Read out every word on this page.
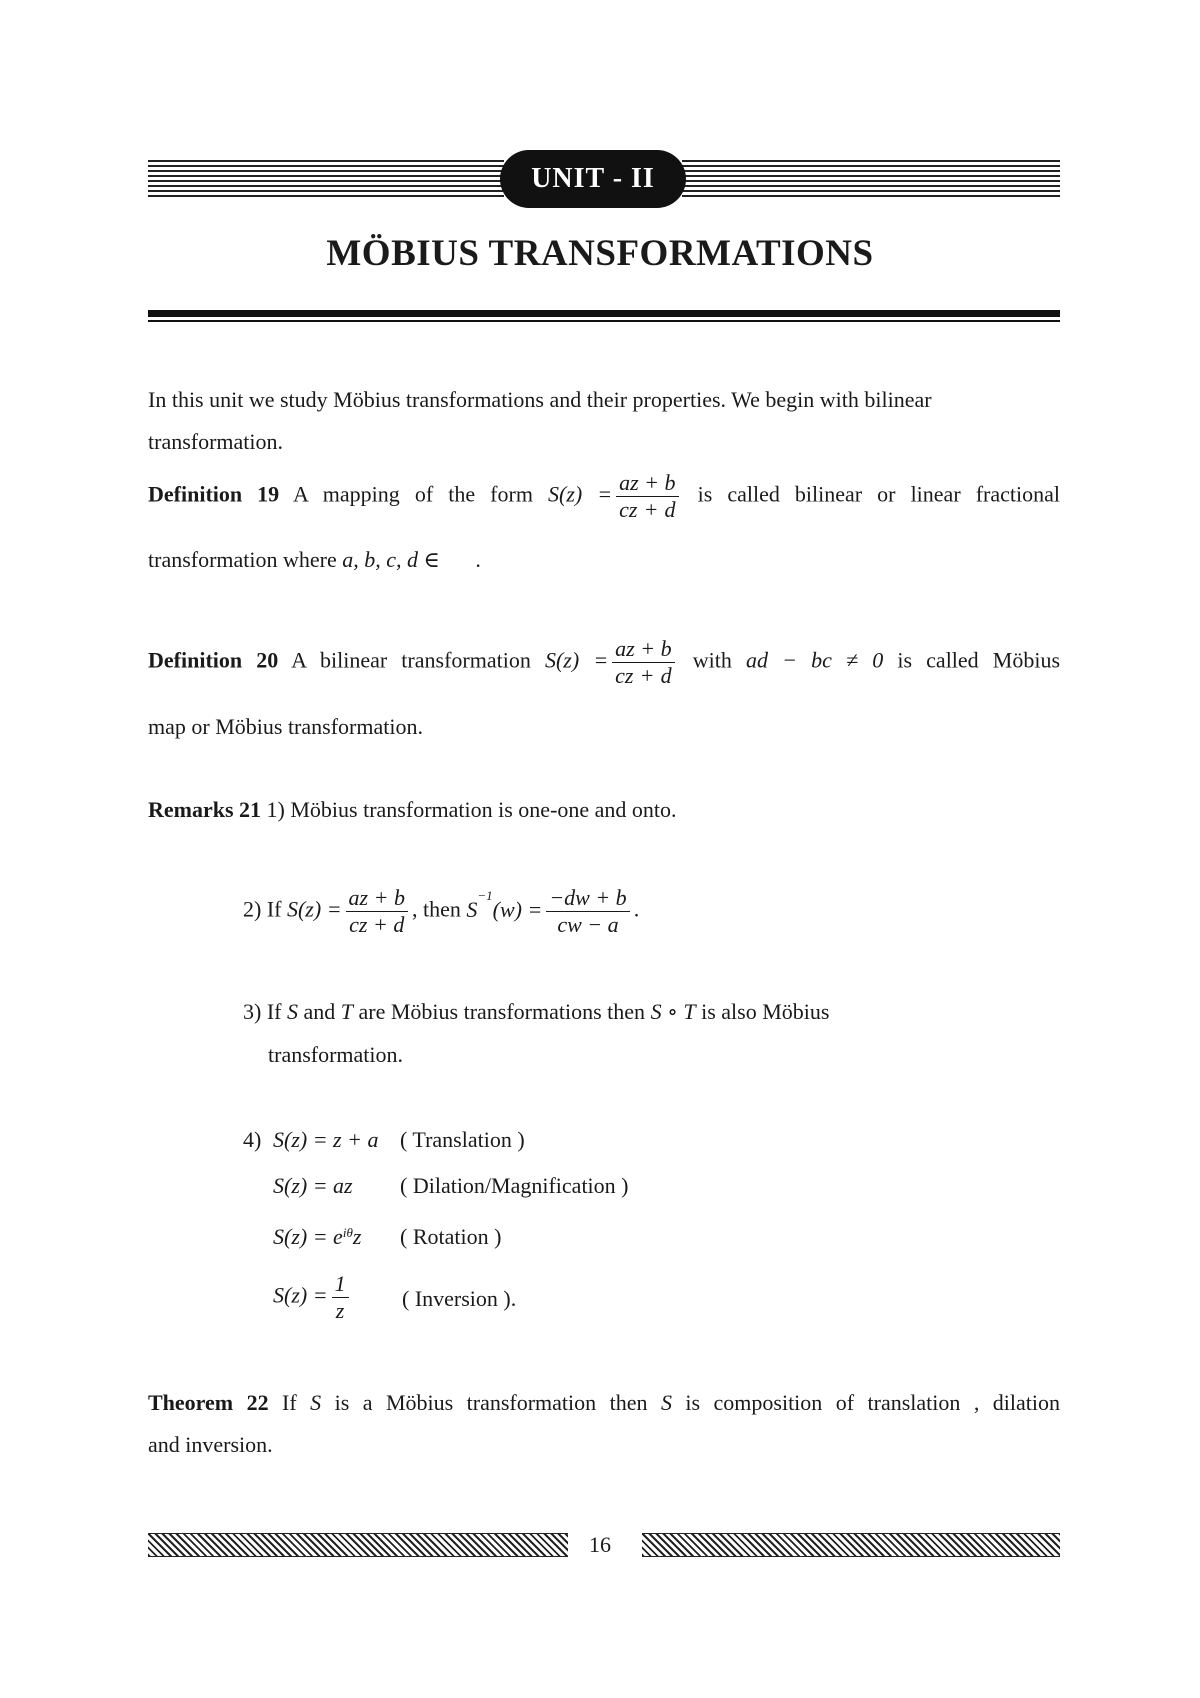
UNIT - II
MÖBIUS TRANSFORMATIONS
In this unit we study Möbius transformations and their properties. We begin with bilinear
transformation.
Definition 19 A mapping of the form $S(z) = \frac{az + b}{cz + d}$ is called bilinear or linear fractional
transformation where a, b, c, d ∈ .
Definition 20 A bilinear transformation $S(z) = \frac{az + b}{cz + d}$ with ad − bc ≠ 0 is called Möbius
map or Möbius transformation.
Remarks 21 1) Möbius transformation is one-one and onto.
2) If $S(z) = \frac{az + b}{cz + d}$ , then $S^{-1}(w) = \frac{-dw + b}{cw - a}$ .
3) If S and T are Möbius transformations then S ∘ T is also Möbius
transformation.
4) S(z) = z + a ( Translation )
S(z) = az ( Dilation/Magnification )
$S(z) = e^{i\theta}z$ ( Rotation )
$S(z) = \frac{1}{z}$ ( Inversion ).
Theorem 22 If S is a Möbius transformation then S is composition of translation , dilation
and inversion.
16
